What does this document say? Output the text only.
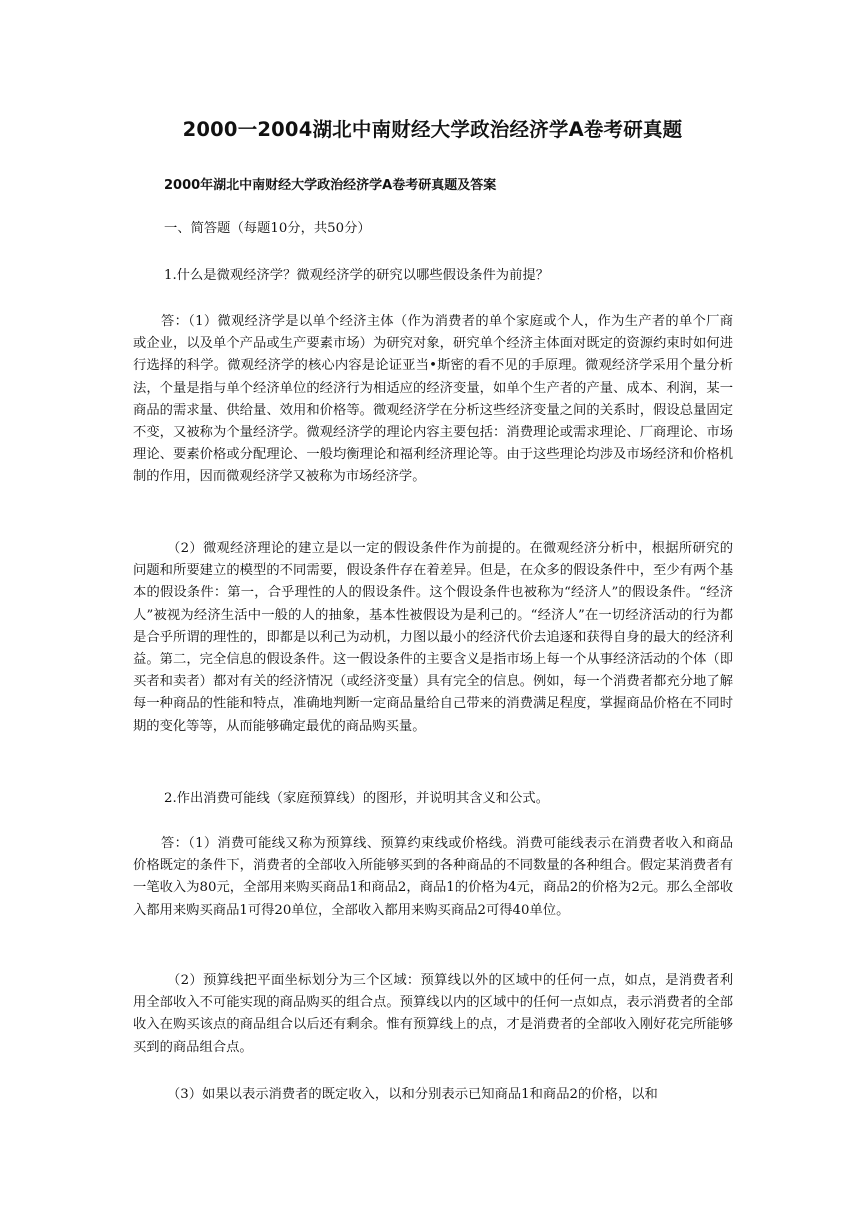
2000一2004湖北中南财经大学政治经济学A卷考研真题
2000年湖北中南财经大学政治经济学A卷考研真题及答案
一、简答题（每题10分，共50分）
1.什么是微观经济学？微观经济学的研究以哪些假设条件为前提？

答：（1）微观经济学是以单个经济主体（作为消费者的单个家庭或个人，作为生产者的单个厂商或企业，以及单个产品或生产要素市场）为研究对象，研究单个经济主体面对既定的资源约束时如何进行选择的科学。微观经济学的核心内容是论证亚当•斯密的看不见的手原理。微观经济学采用个量分析法，个量是指与单个经济单位的经济行为相适应的经济变量，如单个生产者的产量、成本、利润，某一商品的需求量、供给量、效用和价格等。微观经济学在分析这些经济变量之间的关系时，假设总量固定不变，又被称为个量经济学。微观经济学的理论内容主要包括：消费理论或需求理论、厂商理论、市场理论、要素价格或分配理论、一般均衡理论和福利经济理论等。由于这些理论均涉及市场经济和价格机制的作用，因而微观经济学又被称为市场经济学。

（2）微观经济理论的建立是以一定的假设条件作为前提的。在微观经济分析中，根据所研究的问题和所要建立的模型的不同需要，假设条件存在着差异。但是，在众多的假设条件中，至少有两个基本的假设条件：第一，合乎理性的人的假设条件。这个假设条件也被称为“经济人”的假设条件。“经济人”被视为经济生活中一般的人的抽象，基本性被假设为是利己的。“经济人”在一切经济活动的行为都是合乎所谓的理性的，即都是以利己为动机，力图以最小的经济代价去追逐和获得自身的最大的经济利益。第二，完全信息的假设条件。这一假设条件的主要含义是指市场上每一个从事经济活动的个体（即买者和卖者）都对有关的经济情况（或经济变量）具有完全的信息。例如，每一个消费者都充分地了解每一种商品的性能和特点，准确地判断一定商品量给自己带来的消费满足程度，掌握商品价格在不同时期的变化等等，从而能够确定最优的商品购买量。

2.作出消费可能线（家庭预算线）的图形，并说明其含义和公式。

答：（1）消费可能线又称为预算线、预算约束线或价格线。消费可能线表示在消费者收入和商品价格既定的条件下，消费者的全部收入所能够买到的各种商品的不同数量的各种组合。假定某消费者有一笔收入为80元，全部用来购买商品1和商品2，商品1的价格为4元，商品2的价格为2元。那么全部收入都用来购买商品1可得20单位，全部收入都用来购买商品2可得40单位。

（2）预算线把平面坐标划分为三个区域：预算线以外的区域中的任何一点，如点，是消费者利用全部收入不可能实现的商品购买的组合点。预算线以内的区域中的任何一点如点，表示消费者的全部收入在购买该点的商品组合以后还有剩余。惟有预算线上的点，才是消费者的全部收入刚好花完所能够买到的商品组合点。

（3）如果以表示消费者的既定收入，以和分别表示已知商品1和商品2的价格，以和
